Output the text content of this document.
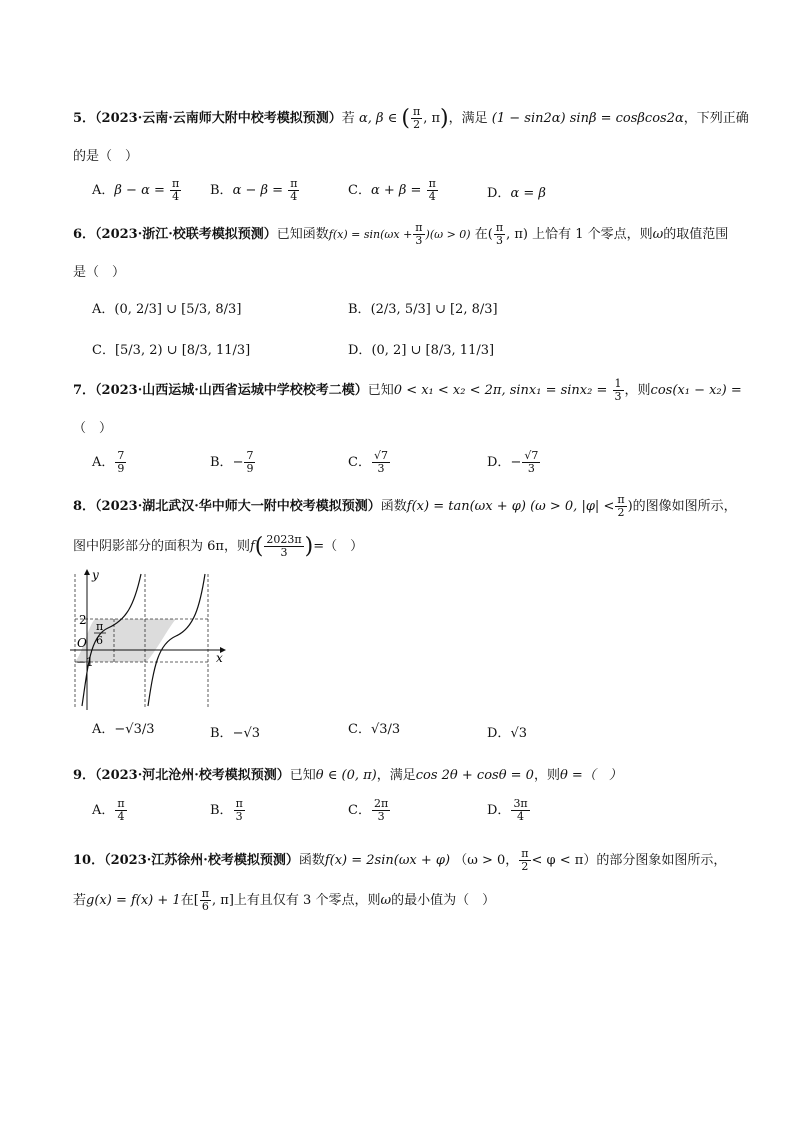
5．（2023·云南·云南师大附中校考模拟预测）若 α, β ∈ ( $\frac{\pi}{2}$ , π)，满足 (1 − sin2α) sinβ = cosβcos2α，下列正确
的是（　）
A．$\beta - \alpha = \frac{\pi}{4}$ B．$\alpha - \beta = \frac{\pi}{4}$	C．$\alpha + \beta = \frac{\pi}{4}$	D．α = β
6．（2023·浙江·校联考模拟预测）已知函数$f(x) = \sin(\omega x + \frac{\pi}{3} )(\omega > 0)$ 在( $\frac{\pi}{3}$ , π) 上恰有 1 个零点，则ω的取值范围
是（　）
A．(0, 2/3] ∪ [5/3, 8/3]	B．(2/3, 5/3] ∪ [2, 8/3]
C．[5/3, 2) ∪ [8/3, 11/3]	D．(0, 2] ∪ [8/3, 11/3]
7．（2023·山西运城·山西省运城中学校校考二模）已知0 < x₁ < x₂ < 2π, $\sin x_1 = \sin x_2 = \frac{1}{3}$ ，则cos(x₁ − x₂) =
（　）
A． $\frac{7}{9}$	B．− $\frac{7}{9}$	C． $\frac{√7}{3}$	D．− $\frac{√7}{3}$
8．（2023·湖北武汉·华中师大一附中校考模拟预测）函数f(x) = tan(ωx + φ) (ω > 0, $|\varphi| < \frac{\pi}{2}$ )的图像如图所示，
图中阴影部分的面积为 6π，则$f( \frac{2023\pi}{3}$ )=（　）
y
x
O
2
−1
π
6
A．−√3/3	B．−√3	C．√3/3	D．√3
9．（2023·河北沧州·校考模拟预测）已知θ ∈ (0, π)，满足cos 2θ + cosθ = 0，则θ =（　）
A． $\frac{\pi}{4}$	B． $\frac{\pi}{3}$	C． $\frac{2\pi}{3}$	D． $\frac{3\pi}{4}$
10．（2023·江苏徐州·校考模拟预测）函数f(x) = 2sin(ωx + φ) （ω > 0， $\frac{\pi}{2} < \varphi < \pi$）的部分图象如图所示，
若g(x) = f(x) + 1在[ $\frac{\pi}{6}$ , π]上有且仅有 3 个零点，则ω的最小值为（　）
